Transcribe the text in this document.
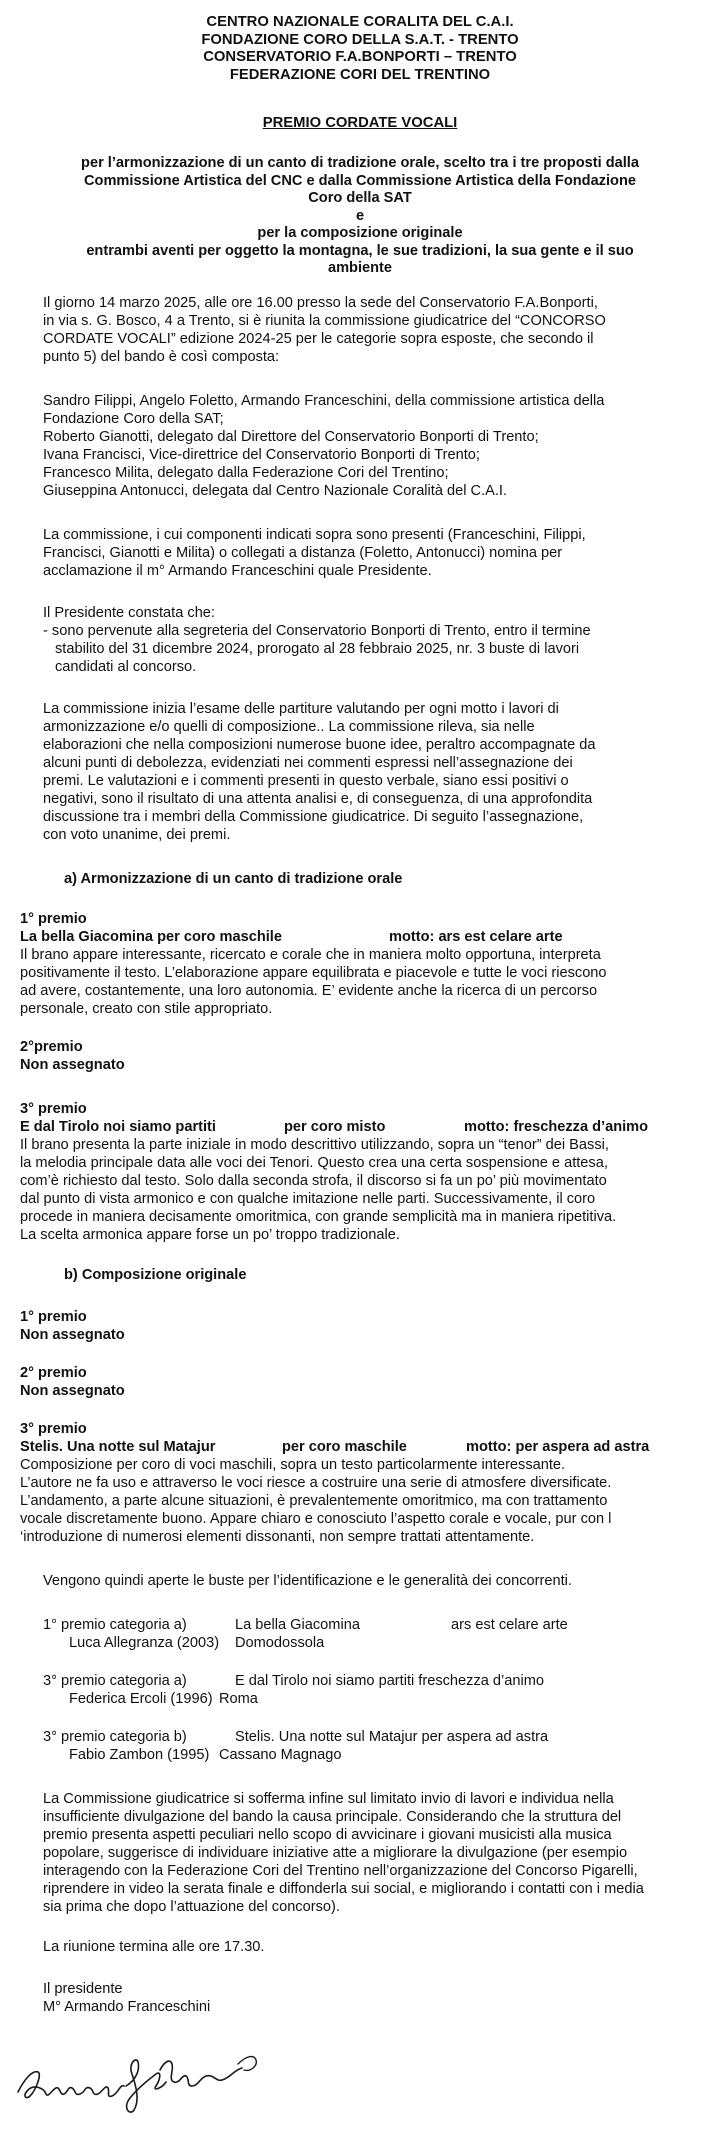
CENTRO NAZIONALE CORALITA DEL C.A.I.

FONDAZIONE CORO DELLA S.A.T. - TRENTO

CONSERVATORIO F.A.BONPORTI – TRENTO

FEDERAZIONE CORI DEL TRENTINO

PREMIO CORDATE VOCALI

per l’armonizzazione di un canto di tradizione orale, scelto tra i tre proposti dalla

Commissione Artistica del CNC e dalla Commissione Artistica della Fondazione

Coro della SAT

e

per la composizione originale

entrambi aventi per oggetto la montagna, le sue tradizioni, la sua gente e il suo

ambiente

Il giorno 14 marzo 2025, alle ore 16.00 presso la sede del Conservatorio F.A.Bonporti,

in via s. G. Bosco, 4 a Trento, si è riunita la commissione giudicatrice del “CONCORSO

CORDATE VOCALI” edizione 2024-25 per le categorie sopra esposte, che secondo il

punto 5) del bando è così composta:

Sandro Filippi, Angelo Foletto, Armando Franceschini, della commissione artistica della

Fondazione Coro della SAT;

Roberto Gianotti, delegato dal Direttore del Conservatorio Bonporti di Trento;

Ivana Francisci, Vice-direttrice del Conservatorio Bonporti di Trento;

Francesco Milita, delegato dalla Federazione Cori del Trentino;

Giuseppina Antonucci, delegata dal Centro Nazionale Coralità del C.A.I.

La commissione, i cui componenti indicati sopra sono presenti (Franceschini, Filippi,

Francisci, Gianotti e Milita) o collegati a distanza (Foletto, Antonucci) nomina per

acclamazione il m° Armando Franceschini quale Presidente.

Il Presidente constata che:

- sono pervenute alla segreteria del Conservatorio Bonporti di Trento, entro il termine

stabilito del 31 dicembre 2024, prorogato al 28 febbraio 2025, nr. 3 buste di lavori

candidati al concorso.

La commissione inizia l’esame delle partiture valutando per ogni motto i lavori di

armonizzazione e/o quelli di composizione.. La commissione rileva, sia nelle

elaborazioni che nella composizioni numerose buone idee, peraltro accompagnate da

alcuni punti di debolezza, evidenziati nei commenti espressi nell’assegnazione dei

premi. Le valutazioni e i commenti presenti in questo verbale, siano essi positivi o

negativi, sono il risultato di una attenta analisi e, di conseguenza, di una approfondita

discussione tra i membri della Commissione giudicatrice. Di seguito l’assegnazione,

con voto unanime, dei premi.

a) Armonizzazione di un canto di tradizione orale
1° premio
La bella Giacomina per coro maschile	motto: ars est celare arte
Il brano appare interessante, ricercato e corale che in maniera molto opportuna, interpreta
positivamente il testo. L’elaborazione appare equilibrata e piacevole e tutte le voci riescono
ad avere, costantemente, una loro autonomia. E’ evidente anche la ricerca di un percorso
personale, creato con stile appropriato.
2°premio
Non assegnato
3° premio
E dal Tirolo noi siamo partiti	per coro misto	motto: freschezza d’animo
Il brano presenta la parte iniziale in modo descrittivo utilizzando, sopra un “tenor” dei Bassi,
la melodia principale data alle voci dei Tenori. Questo crea una certa sospensione e attesa,
com’è richiesto dal testo. Solo dalla seconda strofa, il discorso si fa un po’ più movimentato
dal punto di vista armonico e con qualche imitazione nelle parti. Successivamente, il coro
procede in maniera decisamente omoritmica, con grande semplicità ma in maniera ripetitiva.
La scelta armonica appare forse un po’ troppo tradizionale.
b) Composizione originale
1° premio
Non assegnato
2° premio
Non assegnato
3° premio
Stelis. Una notte sul Matajur	per coro maschile	motto: per aspera ad astra
Composizione per coro di voci maschili, sopra un testo particolarmente interessante.
L’autore ne fa uso e attraverso le voci riesce a costruire una serie di atmosfere diversificate.
L’andamento, a parte alcune situazioni, è prevalentemente omoritmico, ma con trattamento
vocale discretamente buono. Appare chiaro e conosciuto l’aspetto corale e vocale, pur con l
‘introduzione di numerosi elementi dissonanti, non sempre trattati attentamente.
Vengono quindi aperte le buste per l’identificazione e le generalità dei concorrenti.
1° premio categoria a)	La bella Giacomina	ars est celare arte
Luca Allegranza (2003) Domodossola
3° premio categoria a)	E dal Tirolo noi siamo partiti freschezza d’animo
Federica Ercoli (1996) Roma
3° premio categoria b)	Stelis. Una notte sul Matajur per aspera ad astra
Fabio Zambon (1995) Cassano Magnago

La Commissione giudicatrice si sofferma infine sul limitato invio di lavori e individua nella

insufficiente divulgazione del bando la causa principale. Considerando che la struttura del

premio presenta aspetti peculiari nello scopo di avvicinare i giovani musicisti alla musica

popolare, suggerisce di individuare iniziative atte a migliorare la divulgazione (per esempio

interagendo con la Federazione Cori del Trentino nell’organizzazione del Concorso Pigarelli,

riprendere in video la serata finale e diffonderla sui social, e migliorando i contatti con i media

sia prima che dopo l’attuazione del concorso).

La riunione termina alle ore 17.30.

Il presidente

M° Armando Franceschini
